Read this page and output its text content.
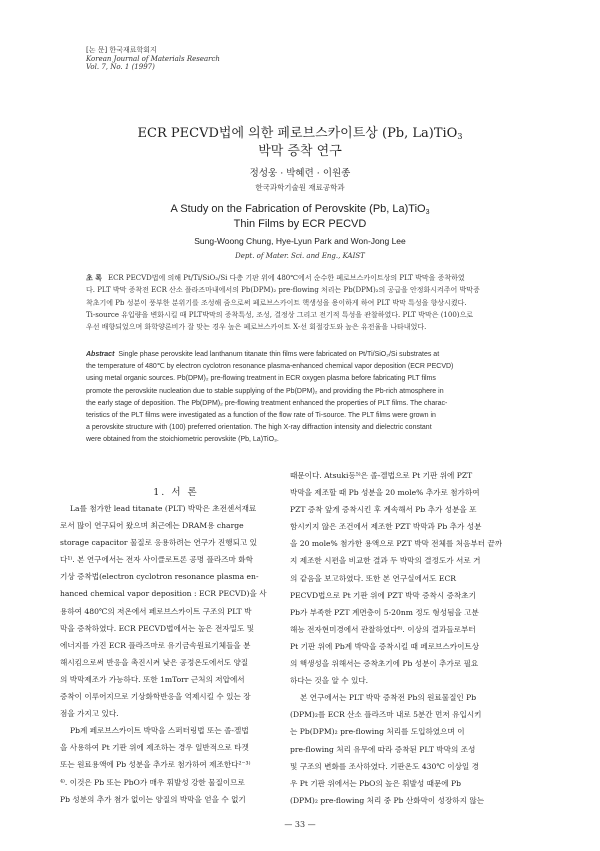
[논 문] 한국재료학회지
Korean Journal of Materials Research
Vol. 7, No. 1 (1997)
ECR PECVD법에 의한 페로브스카이트상 (Pb, La)TiO$_3$
박막 증착 연구
정성웅 · 박혜련 · 이원종
한국과학기술원 재료공학과
A Study on the Fabrication of Perovskite (Pb, La)TiO$_3$
Thin Films by ECR PECVD
Sung-Woong Chung, Hye-Lyun Park and Won-Jong Lee
Dept. of Mater. Sci. and Eng., KAIST
초 록 ECR PECVD법에 의해 Pt/Ti/SiO₂/Si 다층 기판 위에 480℃에서 순수한 페로브스카이트상의 PLT 박막을 증착하였
다. PLT 박막 증착전 ECR 산소 플라즈마내에서의 Pb(DPM)₂ pre-flowing 처리는 Pb(DPM)₂의 공급을 안정화시켜주어 박막증
착초기에 Pb 성분이 풍부한 분위기를 조성해 줌으로써 페로브스카이트 핵생성을 용이하게 하여 PLT 박막 특성을 향상시켰다.
Ti-source 유입량을 변화시킬 때 PLT박막의 증착특성, 조성, 결정상 그리고 전기적 특성을 관찰하였다. PLT 박막은 (100)으로
우선 배향되었으며 화학양론비가 잘 맞는 경우 높은 페로브스카이트 X-선 회절강도와 높은 유전율을 나타내었다.
Abstract Single phase perovskite lead lanthanum titanate thin films were fabricated on Pt/Ti/SiO₂/Si substrates at
the temperature of 480℃ by electron cyclotron resonance plasma-enhanced chemical vapor deposition (ECR PECVD)
using metal organic sources. Pb(DPM)₂ pre-flowing treatment in ECR oxygen plasma before fabricating PLT films
promote the perovskite nucleation due to stable supplying of the Pb(DPM)₂ and providing the Pb-rich atmosphere in
the early stage of deposition. The Pb(DPM)₂ pre-flowing treatment enhanced the properties of PLT films. The charac-
teristics of the PLT films were investigated as a function of the flow rate of Ti-source. The PLT films were grown in
a perovskite structure with (100) preferred orientation. The high X-ray diffraction intensity and dielectric constant
were obtained from the stoichiometric perovskite (Pb, La)TiO₃.
1. 서 론
La를 첨가한 lead titanate (PLT) 박막은 초전센서재료
로서 많이 연구되어 왔으며 최근에는 DRAM용 charge
storage capacitor 물질로 응용하려는 연구가 진행되고 있
다¹⁾. 본 연구에서는 전자 사이클로트론 공명 플라즈마 화학
기상 증착법(electron cyclotron resonance plasma en-
hanced chemical vapor deposition : ECR PECVD)을 사
용하여 480℃의 저온에서 페로브스카이트 구조의 PLT 박
막을 증착하였다. ECR PECVD법에서는 높은 전자밀도 및
에너지를 가진 ECR 플라즈마로 유기금속원료기체들을 분
해시킴으로써 반응을 촉진시켜 낮은 공정온도에서도 양질
의 박막제조가 가능하다. 또한 1mTorr 근처의 저압에서
증착이 이루어지므로 기상화학반응을 억제시킬 수 있는 장
점을 가지고 있다.
Pb계 페로브스카이트 박막을 스퍼터링법 또는 졸-겔법
을 사용하여 Pt 기판 위에 제조하는 경우 일반적으로 타겟
또는 원료용액에 Pb 성분을 추가로 첨가하여 제조한다²⁻³⁾
⁴⁾. 이것은 Pb 또는 PbO가 매우 휘발성 강한 물질이므로
Pb 성분의 추가 첨가 없이는 양질의 박막을 얻을 수 없기
때문이다. Atsuki등⁵⁾은 졸-겔법으로 Pt 기판 위에 PZT
박막을 제조할 때 Pb 성분을 20 mole% 추가로 첨가하여
PZT 증착 앞게 증착시킨 후 계속해서 Pb 추가 성분을 포
함시키지 않은 조건에서 제조한 PZT 박막과 Pb 추가 성분
을 20 mole% 첨가한 용액으로 PZT 박막 전체를 처음부터 끝까
지 제조한 시편을 비교한 결과 두 박막의 결정도가 서로 거
의 같음을 보고하였다. 또한 본 연구실에서도 ECR
PECVD법으로 Pt 기판 위에 PZT 박막 증착시 증착초기
Pb가 부족한 PZT 계면층이 5-20nm 정도 형성됨을 고분
해능 전자현미경에서 관찰하였다⁶⁾. 이상의 결과들로부터
Pt 기판 위에 Pb계 박막을 증착시킬 때 페로브스카이트상
의 핵생성을 위해서는 증착초기에 Pb 성분이 추가로 필요
하다는 것을 알 수 있다.
본 연구에서는 PLT 박막 증착전 Pb의 원료물질인 Pb
(DPM)₂를 ECR 산소 플라즈마 내로 5분간 먼저 유입시키
는 Pb(DPM)₂ pre-flowing 처리를 도입하였으며 이
pre-flowing 처리 유무에 따라 증착된 PLT 박막의 조성
및 구조의 변화를 조사하였다. 기판온도 430℃ 이상일 경
우 Pt 기판 위에서는 PbO의 높은 휘발성 때문에 Pb
(DPM)₂ pre-flowing 처리 중 Pb 산화막이 성장하지 않는
— 33 —
